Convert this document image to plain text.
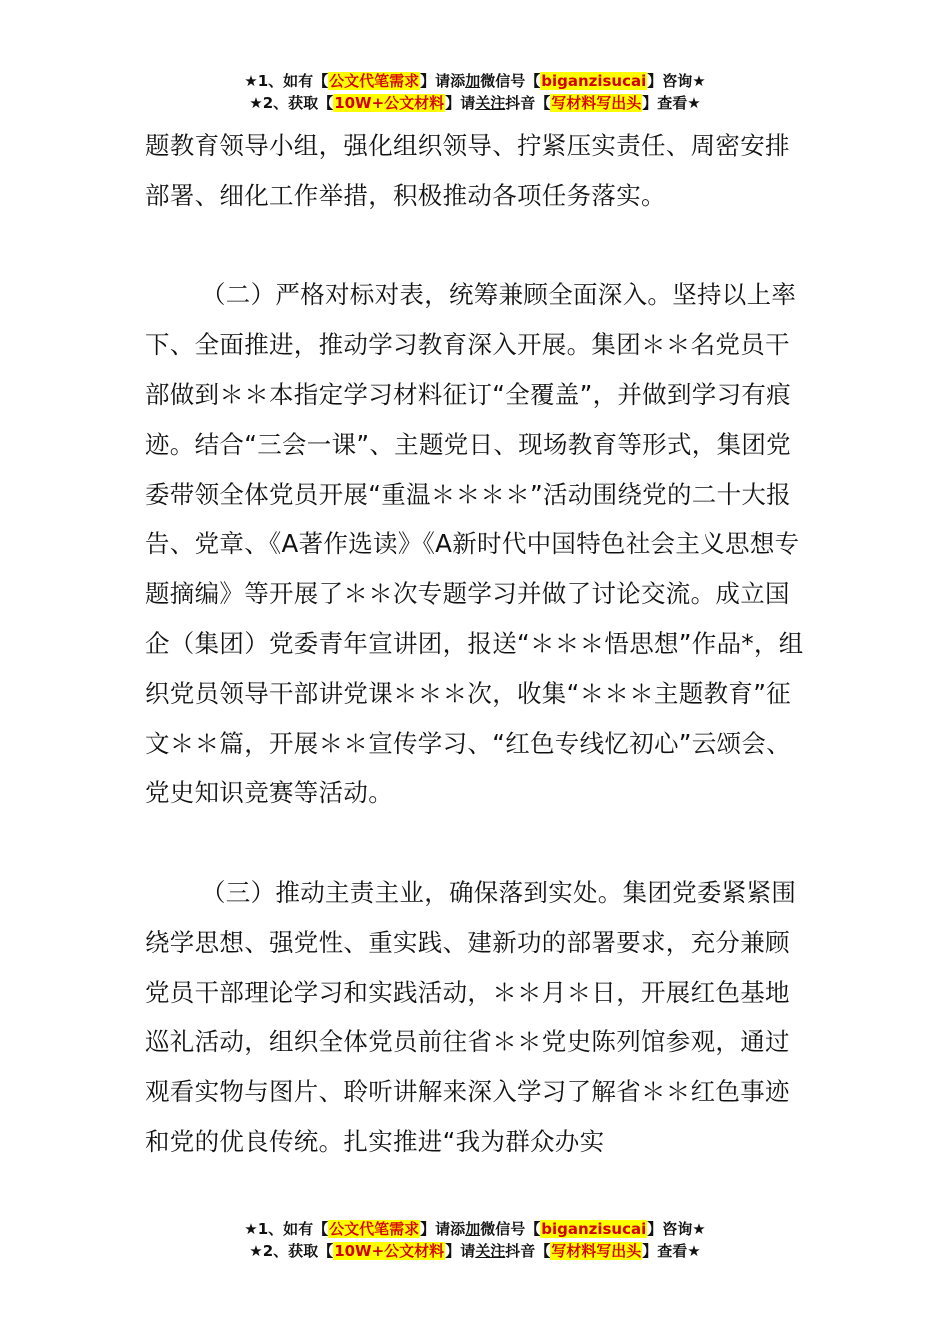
★1、如有【公文代笔需求】请添加微信号【biganzisucai】咨询★
★2、获取【10W+公文材料】请关注抖音【写材料写出头】查看★

题教育领导小组，强化组织领导、拧紧压实责任、周密安排部署、细化工作举措，积极推动各项任务落实。

（二）严格对标对表，统筹兼顾全面深入。坚持以上率下、全面推进，推动学习教育深入开展。集团＊＊名党员干部做到＊＊本指定学习材料征订“全覆盖”，并做到学习有痕迹。结合“三会一课”、主题党日、现场教育等形式，集团党委带领全体党员开展“重温＊＊＊＊”活动围绕党的二十大报告、党章、《A著作选读》《A新时代中国特色社会主义思想专题摘编》等开展了＊＊次专题学习并做了讨论交流。成立国企（集团）党委青年宣讲团，报送“＊＊＊悟思想”作品*，组织党员领导干部讲党课＊＊＊次，收集“＊＊＊主题教育”征文＊＊篇，开展＊＊宣传学习、“红色专线忆初心”云颂会、党史知识竞赛等活动。

（三）推动主责主业，确保落到实处。集团党委紧紧围绕学思想、强党性、重实践、建新功的部署要求，充分兼顾党员干部理论学习和实践活动，＊＊月＊日，开展红色基地巡礼活动，组织全体党员前往省＊＊党史陈列馆参观，通过观看实物与图片、聆听讲解来深入学习了解省＊＊红色事迹和党的优良传统。扎实推进“我为群众办实

★1、如有【公文代笔需求】请添加微信号【biganzisucai】咨询★
★2、获取【10W+公文材料】请关注抖音【写材料写出头】查看★
